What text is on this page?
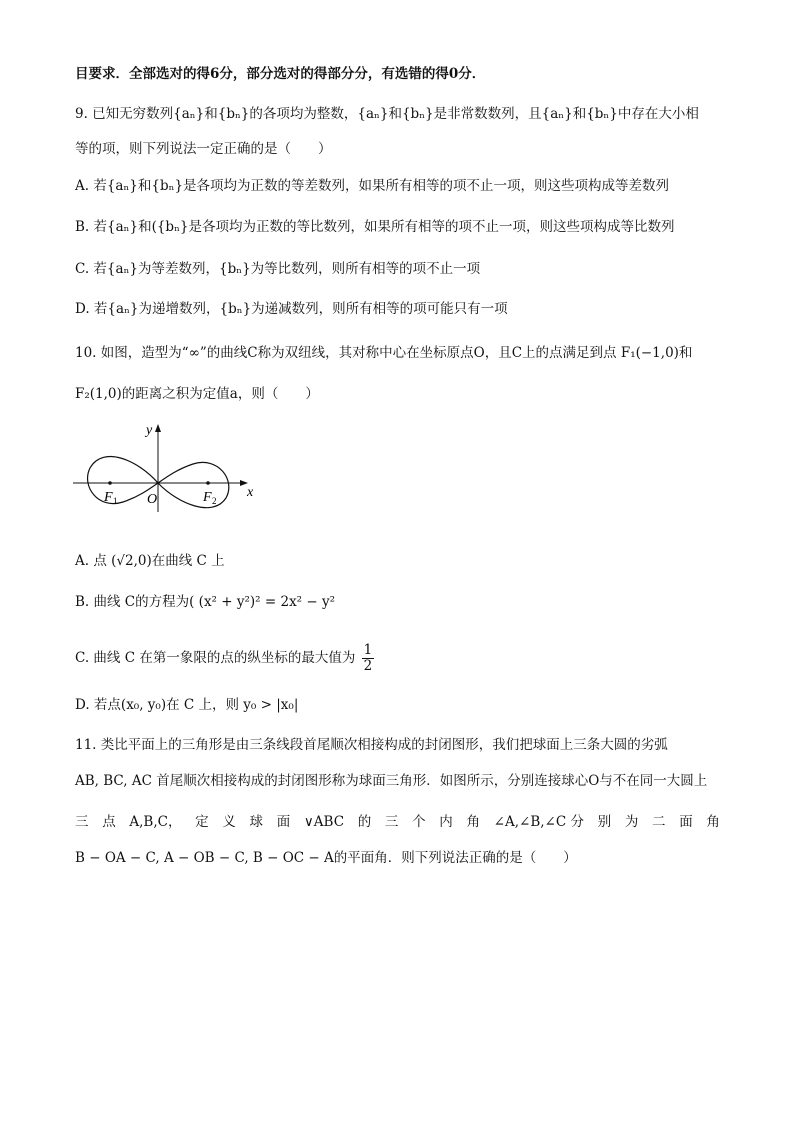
目要求．全部选对的得6分，部分选对的得部分分，有选错的得0分．
9. 已知无穷数列{aₙ}和{bₙ}的各项均为整数，{aₙ}和{bₙ}是非常数数列，且{aₙ}和{bₙ}中存在大小相
等的项，则下列说法一定正确的是（　　）
A. 若{aₙ}和{bₙ}是各项均为正数的等差数列，如果所有相等的项不止一项，则这些项构成等差数列
B. 若{aₙ}和({bₙ}是各项均为正数的等比数列，如果所有相等的项不止一项，则这些项构成等比数列
C. 若{aₙ}为等差数列，{bₙ}为等比数列，则所有相等的项不止一项
D. 若{aₙ}为递增数列，{bₙ}为递减数列，则所有相等的项可能只有一项
10. 如图，造型为“∞”的曲线C称为双纽线，其对称中心在坐标原点O，且C上的点满足到点 F₁(−1,0)和
F₂(1,0)的距离之积为定值a，则（　　）
y
x
O
F 1	F 2
A. 点 (√2,0)在曲线 C 上
B. 曲线 C的方程为( (x² + y²)² = 2x² − y²
C. 曲线 C 在第一象限的点的纵坐标的最大值为 $\frac{1}{2}$
D. 若点(x₀, y₀)在 C 上，则 y₀ > |x₀|
11. 类比平面上的三角形是由三条线段首尾顺次相接构成的封闭图形，我们把球面上三条大圆的劣弧
AB, BC, AC 首尾顺次相接构成的封闭图形称为球面三角形．如图所示，分别连接球心O与不在同一大圆上
三 点 A,B,C， 定 义 球 面 ∨ABC 的 三 个 内 角 ∠A,∠B,∠C 分 别 为 二 面 角
B − OA − C, A − OB − C, B − OC − A的平面角．则下列说法正确的是（　　）
